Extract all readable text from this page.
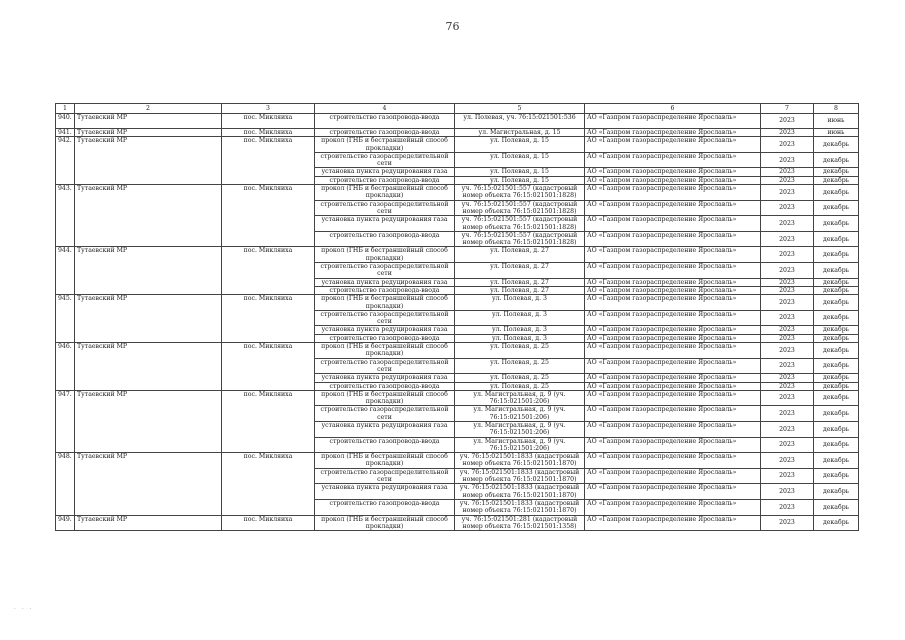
76
1	2	3	4	5	6	7	8
940.	Тутаевский МР	пос. Микляиха	строительство газопровода-ввода	ул. Полевая, уч. 76:15:021501:536	АО «Газпром газораспределение Ярославль»	2023	июнь
941.	Тутаевский МР	пос. Микляиха	строительство газопровода-ввода	ул. Магистральная, д. 15	АО «Газпром газораспределение Ярославль»	2023	июнь
942.	Тутаевский МР	пос. Микляиха	прокол (ГНБ и бестраншейный способ прокладки)	ул. Полевая, д. 15	АО «Газпром газораспределение Ярославль»	2023	декабрь
			строительство газораспределительной сети	ул. Полевая, д. 15	АО «Газпром газораспределение Ярославль»	2023	декабрь
			установка пункта редуцирования газа	ул. Полевая, д. 15	АО «Газпром газораспределение Ярославль»	2023	декабрь
			строительство газопровода-ввода	ул. Полевая, д. 15	АО «Газпром газораспределение Ярославль»	2023	декабрь
943.	Тутаевский МР	пос. Микляиха	прокол (ГНБ и бестраншейный способ прокладки)	уч. 76:15:021501:557 (кадастровый номер объекта 76:15:021501:1828)	АО «Газпром газораспределение Ярославль»	2023	декабрь
			строительство газораспределительной сети	уч. 76:15:021501:557 (кадастровый номер объекта 76:15:021501:1828)	АО «Газпром газораспределение Ярославль»	2023	декабрь
			установка пункта редуцирования газа	уч. 76:15:021501:557 (кадастровый номер объекта 76:15:021501:1828)	АО «Газпром газораспределение Ярославль»	2023	декабрь
			строительство газопровода-ввода	уч. 76:15:021501:557 (кадастровый номер объекта 76:15:021501:1828)	АО «Газпром газораспределение Ярославль»	2023	декабрь
944.	Тутаевский МР	пос. Микляиха	прокол (ГНБ и бестраншейный способ прокладки)	ул. Полевая, д. 27	АО «Газпром газораспределение Ярославль»	2023	декабрь
			строительство газораспределительной сети	ул. Полевая, д. 27	АО «Газпром газораспределение Ярославль»	2023	декабрь
			установка пункта редуцирования газа	ул. Полевая, д. 27	АО «Газпром газораспределение Ярославль»	2023	декабрь
			строительство газопровода-ввода	ул. Полевая, д. 27	АО «Газпром газораспределение Ярославль»	2023	декабрь
945.	Тутаевский МР	пос. Микляиха	прокол (ГНБ и бестраншейный способ прокладки)	ул. Полевая, д. 3	АО «Газпром газораспределение Ярославль»	2023	декабрь
			строительство газораспределительной сети	ул. Полевая, д. 3	АО «Газпром газораспределение Ярославль»	2023	декабрь
			установка пункта редуцирования газа	ул. Полевая, д. 3	АО «Газпром газораспределение Ярославль»	2023	декабрь
			строительство газопровода-ввода	ул. Полевая, д. 3	АО «Газпром газораспределение Ярославль»	2023	декабрь
946.	Тутаевский МР	пос. Микляиха	прокол (ГНБ и бестраншейный способ прокладки)	ул. Полевая, д. 25	АО «Газпром газораспределение Ярославль»	2023	декабрь
			строительство газораспределительной сети	ул. Полевая, д. 25	АО «Газпром газораспределение Ярославль»	2023	декабрь
			установка пункта редуцирования газа	ул. Полевая, д. 25	АО «Газпром газораспределение Ярославль»	2023	декабрь
			строительство газопровода-ввода	ул. Полевая, д. 25	АО «Газпром газораспределение Ярославль»	2023	декабрь
947.	Тутаевский МР	пос. Микляиха	прокол (ГНБ и бестраншейный способ прокладки)	ул. Магистральная, д. 9 (уч. 76:15:021501:206)	АО «Газпром газораспределение Ярославль»	2023	декабрь
			строительство газораспределительной сети	ул. Магистральная, д. 9 (уч. 76:15:021501:206)	АО «Газпром газораспределение Ярославль»	2023	декабрь
			установка пункта редуцирования газа	ул. Магистральная, д. 9 (уч. 76:15:021501:206)	АО «Газпром газораспределение Ярославль»	2023	декабрь
			строительство газопровода-ввода	ул. Магистральная, д. 9 (уч. 76:15:021501:206)	АО «Газпром газораспределение Ярославль»	2023	декабрь
948.	Тутаевский МР	пос. Микляиха	прокол (ГНБ и бестраншейный способ прокладки)	уч. 76:15:021501:1833 (кадастровый номер объекта 76:15:021501:1870)	АО «Газпром газораспределение Ярославль»	2023	декабрь
			строительство газораспределительной сети	уч. 76:15:021501:1833 (кадастровый номер объекта 76:15:021501:1870)	АО «Газпром газораспределение Ярославль»	2023	декабрь
			установка пункта редуцирования газа	уч. 76:15:021501:1833 (кадастровый номер объекта 76:15:021501:1870)	АО «Газпром газораспределение Ярославль»	2023	декабрь
			строительство газопровода-ввода	уч. 76:15:021501:1833 (кадастровый номер объекта 76:15:021501:1870)	АО «Газпром газораспределение Ярославль»	2023	декабрь
949.	Тутаевский МР	пос. Микляиха	прокол (ГНБ и бестраншейный способ прокладки)	уч. 76:15:021501:281 (кадастровый номер объекта 76:15:021501:1358)	АО «Газпром газораспределение Ярославль»	2023	декабрь
· · ·
